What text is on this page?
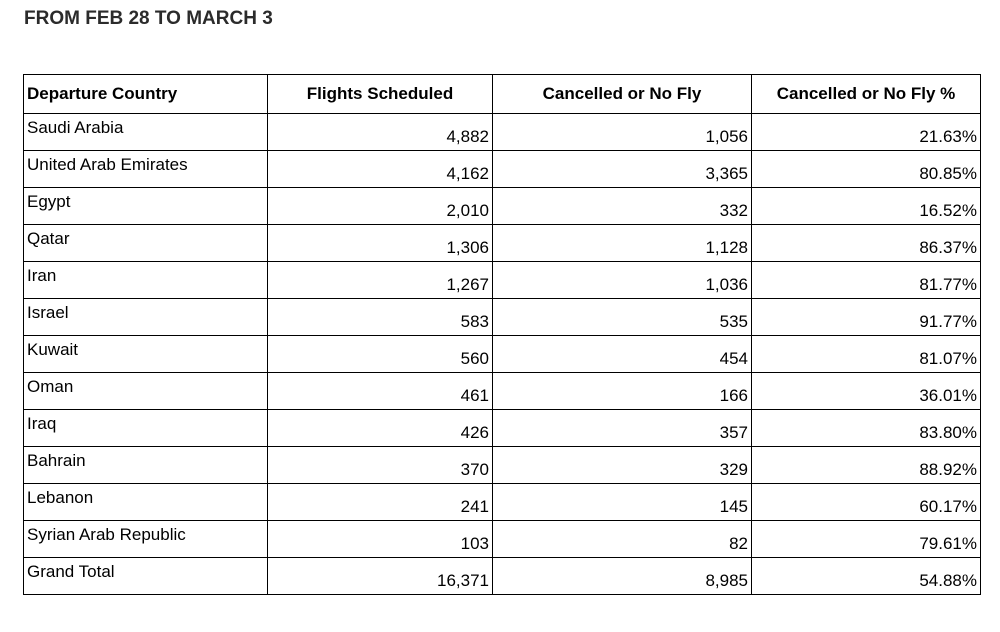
FROM FEB 28 TO MARCH 3
Departure Country	Flights Scheduled	Cancelled or No Fly	Cancelled or No Fly %
Saudi Arabia	4,882	1,056	21.63%
United Arab Emirates	4,162	3,365	80.85%
Egypt	2,010	332	16.52%
Qatar	1,306	1,128	86.37%
Iran	1,267	1,036	81.77%
Israel	583	535	91.77%
Kuwait	560	454	81.07%
Oman	461	166	36.01%
Iraq	426	357	83.80%
Bahrain	370	329	88.92%
Lebanon	241	145	60.17%
Syrian Arab Republic	103	82	79.61%
Grand Total	16,371	8,985	54.88%
